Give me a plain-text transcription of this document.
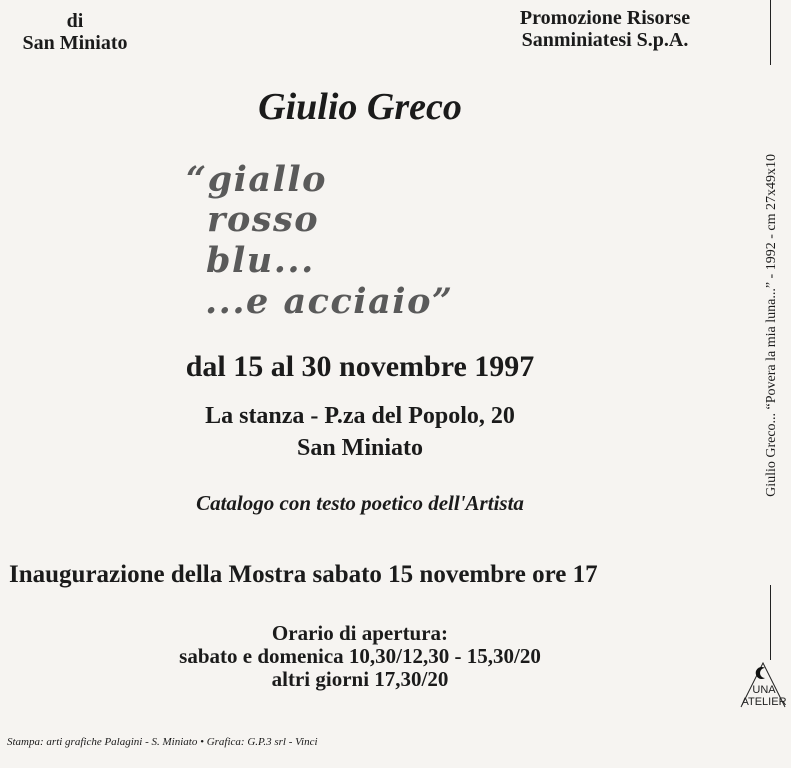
di
San Miniato
Promozione Risorse
Sanminiatesi S.p.A.
Giulio Greco
“giallo
rosso
blu...
...e acciaio”
dal 15 al 30 novembre 1997
La stanza - P.za del Popolo, 20
San Miniato
Catalogo con testo poetico dell'Artista
Inaugurazione della Mostra sabato 15 novembre ore 17
Orario di apertura:
sabato e domenica 10,30/12,30 - 15,30/20
altri giorni 17,30/20
Stampa: arti grafiche Palagini - S. Miniato • Grafica: G.P.3 srl - Vinci
Giulio Greco... “Povera la mia luna...” - 1992 - cm 27x49x10
UNA
ATELIER
